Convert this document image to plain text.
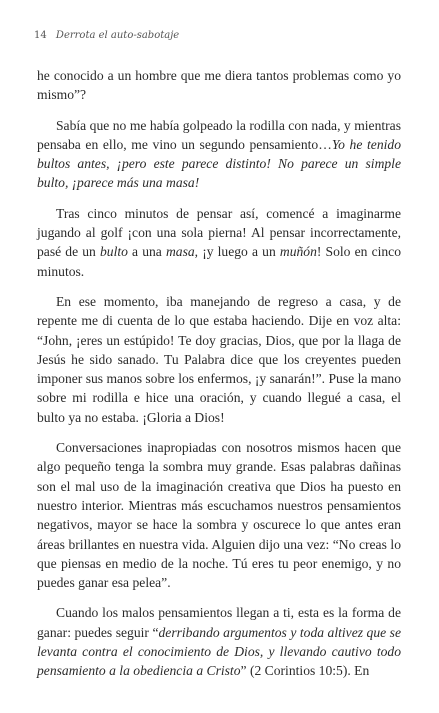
14 Derrota el auto-sabotaje

he conocido a un hombre que me diera tantos problemas como yo mismo”?

Sabía que no me había golpeado la rodilla con nada, y mientras pensaba en ello, me vino un segundo pensamiento…Yo he tenido bultos antes, ¡pero este parece distinto! No parece un simple bulto, ¡parece más una masa!

Tras cinco minutos de pensar así, comencé a imaginarme jugando al golf ¡con una sola pierna! Al pensar incorrectamente, pasé de un bulto a una masa, ¡y luego a un muñón! Solo en cinco minutos.

En ese momento, iba manejando de regreso a casa, y de repente me di cuenta de lo que estaba haciendo. Dije en voz alta: “John, ¡eres un estúpido! Te doy gracias, Dios, que por la llaga de Jesús he sido sanado. Tu Palabra dice que los creyentes pueden imponer sus manos sobre los enfermos, ¡y sanarán!”. Puse la mano sobre mi rodilla e hice una oración, y cuando llegué a casa, el bulto ya no estaba. ¡Gloria a Dios!

Conversaciones inapropiadas con nosotros mismos hacen que algo pequeño tenga la sombra muy grande. Esas palabras dañinas son el mal uso de la imaginación creativa que Dios ha puesto en nuestro interior. Mientras más escuchamos nuestros pensamientos negativos, mayor se hace la sombra y oscurece lo que antes eran áreas brillantes en nuestra vida. Alguien dijo una vez: “No creas lo que piensas en medio de la noche. Tú eres tu peor enemigo, y no puedes ganar esa pelea”.

Cuando los malos pensamientos llegan a ti, esta es la forma de ganar: puedes seguir “derribando argumentos y toda altivez que se levanta contra el conocimiento de Dios, y llevando cautivo todo pensamiento a la obediencia a Cristo” (2 Corintios 10:5). En
